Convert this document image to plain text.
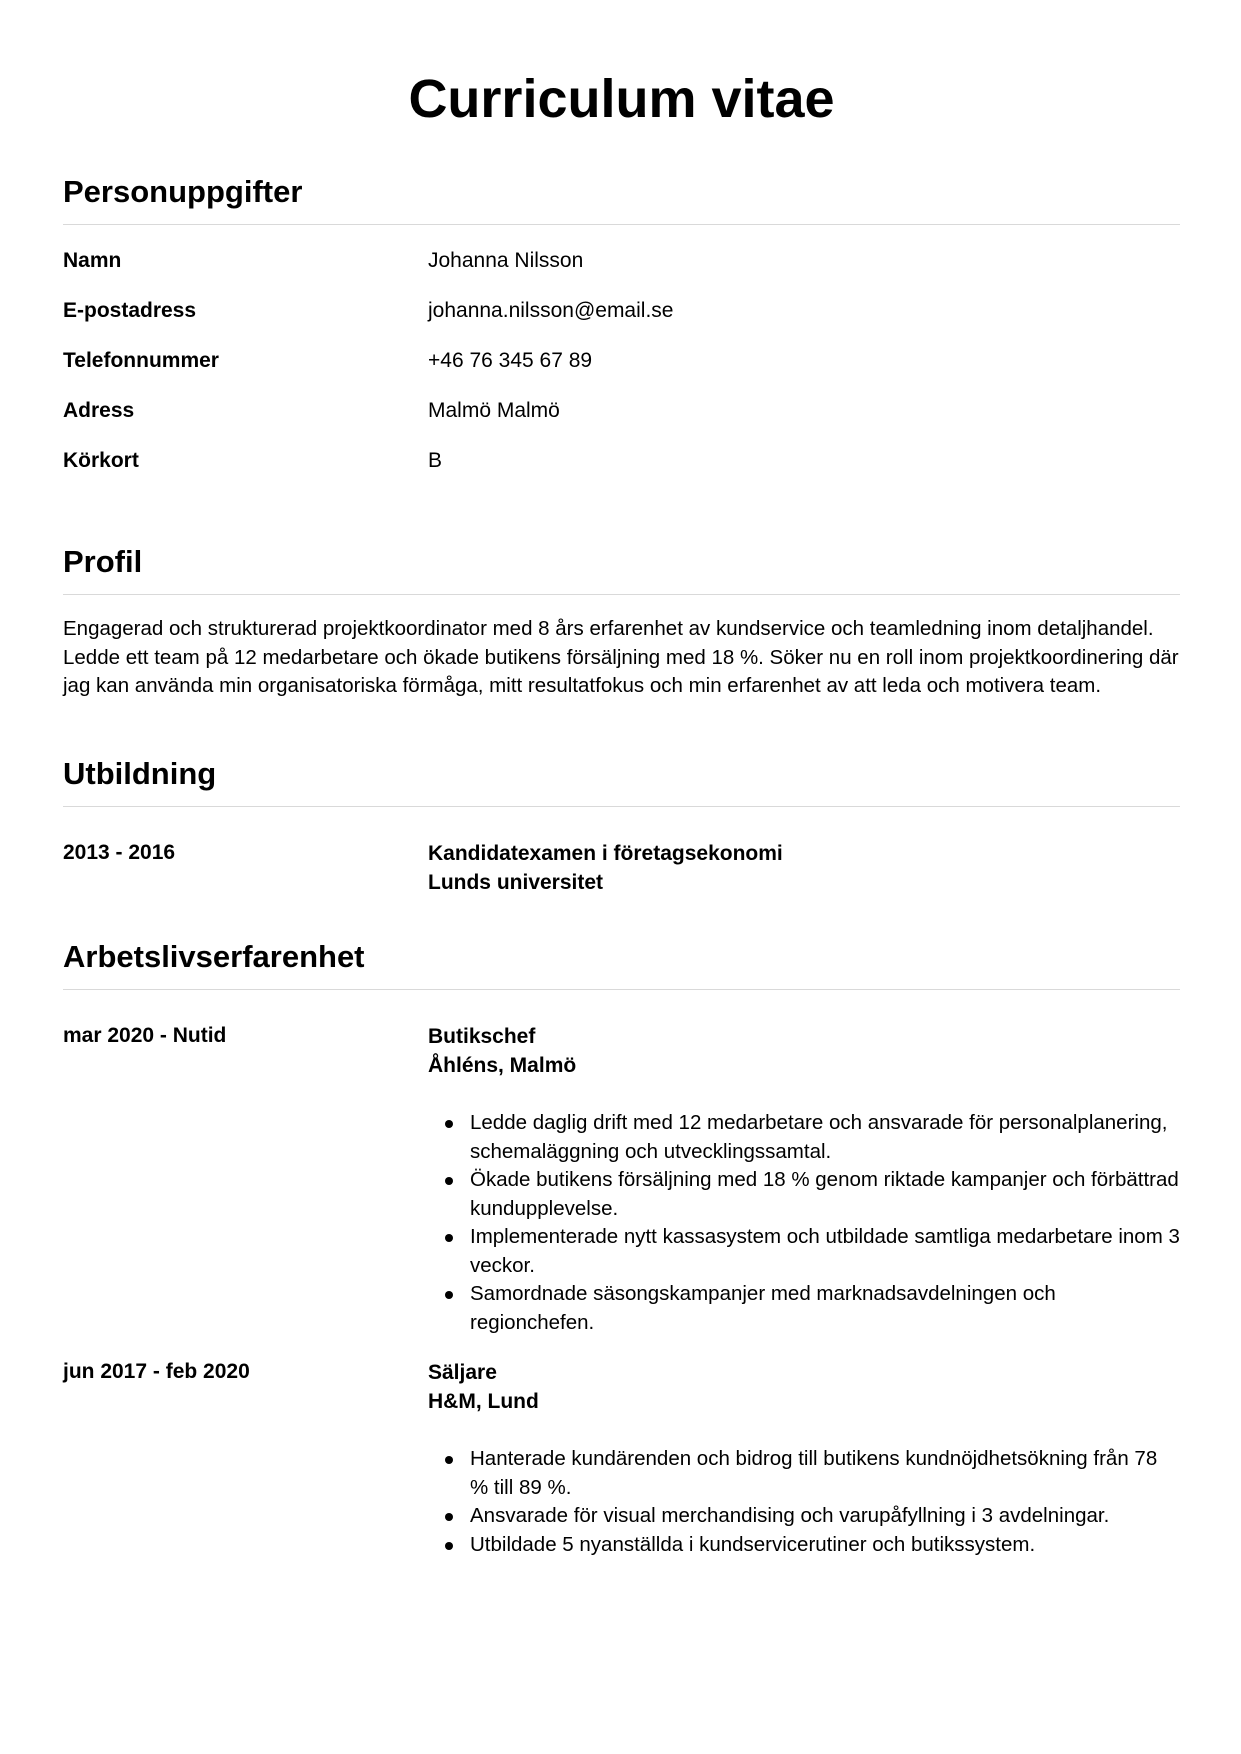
Curriculum vitae
Personuppgifter
Namn	Johanna Nilsson
E-postadress	johanna.nilsson@email.se
Telefonnummer	+46 76 345 67 89
Adress	Malmö Malmö
Körkort	B
Profil
Engagerad och strukturerad projektkoordinator med 8 års erfarenhet av kundservice och teamledning inom detaljhandel. Ledde ett team på 12 medarbetare och ökade butikens försäljning med 18 %. Söker nu en roll inom projektkoordinering där jag kan använda min organisatoriska förmåga, mitt resultatfokus och min erfarenhet av att leda och motivera team.
Utbildning
2013 - 2016	Kandidatexamen i företagsekonomi
Lunds universitet
Arbetslivserfarenhet
mar 2020 - Nutid	Butikschef
Åhléns, Malmö
Ledde daglig drift med 12 medarbetare och ansvarade för personalplanering, schemaläggning och utvecklingssamtal.
Ökade butikens försäljning med 18 % genom riktade kampanjer och förbättrad kundupplevelse.
Implementerade nytt kassasystem och utbildade samtliga medarbetare inom 3 veckor.
Samordnade säsongskampanjer med marknadsavdelningen och regionchefen.
jun 2017 - feb 2020	Säljare
H&M, Lund
Hanterade kundärenden och bidrog till butikens kundnöjdhetsökning från 78 % till 89 %.
Ansvarade för visual merchandising och varupåfyllning i 3 avdelningar.
Utbildade 5 nyanställda i kundservicerutiner och butikssystem.
